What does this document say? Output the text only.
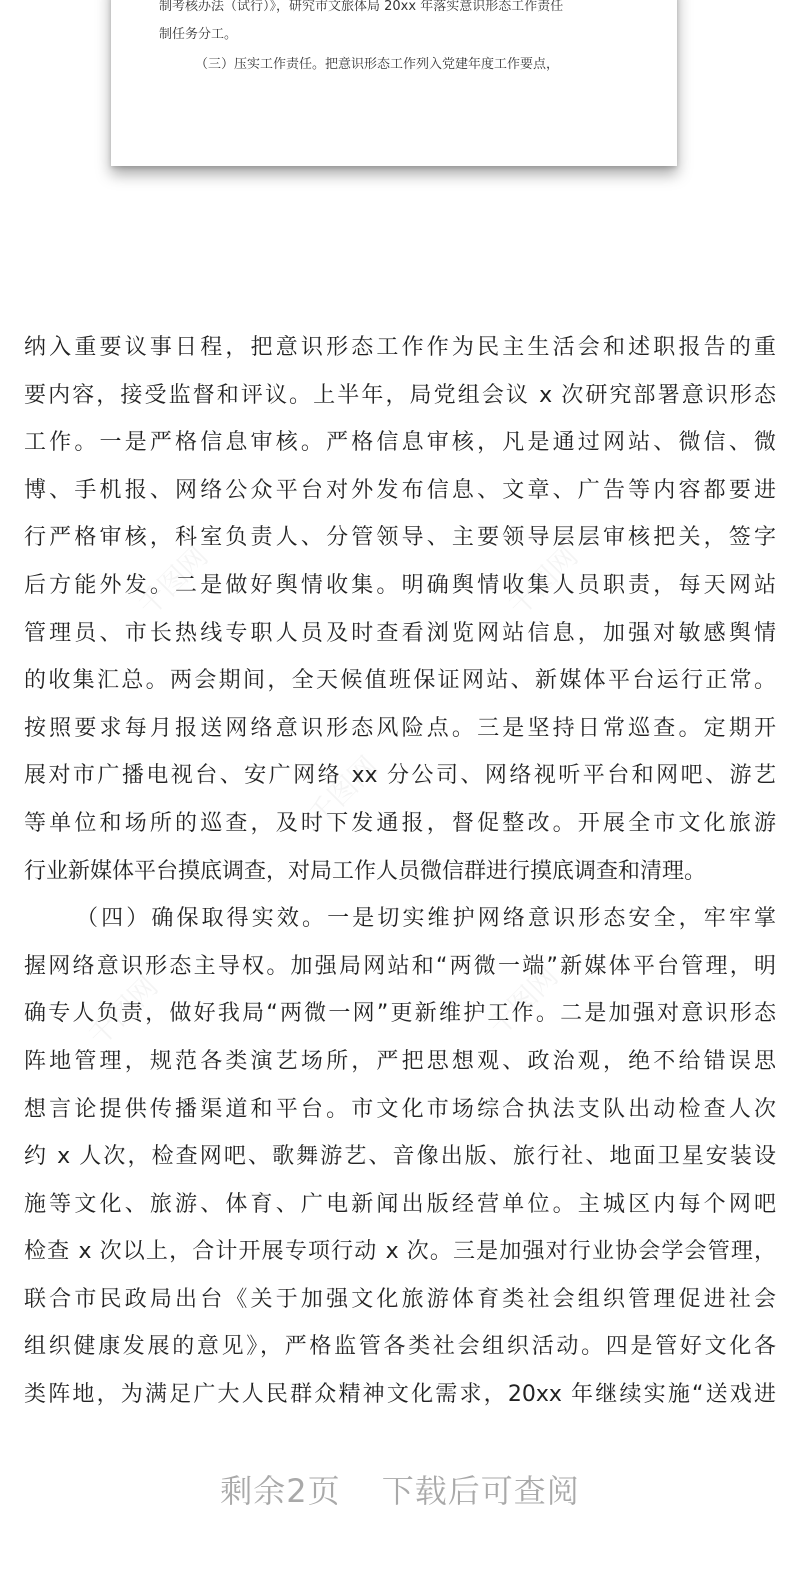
制考核办法（试行）》，研究市文旅体局 20xx 年落实意识形态工作责任
制任务分工。
（三）压实工作责任。把意识形态工作列入党建年度工作要点，
纳入重要议事日程，把意识形态工作作为民主生活会和述职报告的重
要内容，接受监督和评议。上半年，局党组会议 x 次研究部署意识形态
工作。一是严格信息审核。严格信息审核，凡是通过网站、微信、微
博、手机报、网络公众平台对外发布信息、文章、广告等内容都要进
行严格审核，科室负责人、分管领导、主要领导层层审核把关，签字
后方能外发。二是做好舆情收集。明确舆情收集人员职责，每天网站
管理员、市长热线专职人员及时查看浏览网站信息，加强对敏感舆情
的收集汇总。两会期间，全天候值班保证网站、新媒体平台运行正常。
按照要求每月报送网络意识形态风险点。三是坚持日常巡查。定期开
展对市广播电视台、安广网络 xx 分公司、网络视听平台和网吧、游艺
等单位和场所的巡查，及时下发通报，督促整改。开展全市文化旅游
行业新媒体平台摸底调查，对局工作人员微信群进行摸底调查和清理。
（四）确保取得实效。一是切实维护网络意识形态安全，牢牢掌
握网络意识形态主导权。加强局网站和“两微一端”新媒体平台管理，明
确专人负责，做好我局“两微一网”更新维护工作。二是加强对意识形态
阵地管理，规范各类演艺场所，严把思想观、政治观，绝不给错误思
想言论提供传播渠道和平台。市文化市场综合执法支队出动检查人次
约 x 人次，检查网吧、歌舞游艺、音像出版、旅行社、地面卫星安装设
施等文化、旅游、体育、广电新闻出版经营单位。主城区内每个网吧
检查 x 次以上，合计开展专项行动 x 次。三是加强对行业协会学会管理，
联合市民政局出台《关于加强文化旅游体育类社会组织管理促进社会
组织健康发展的意见》，严格监管各类社会组织活动。四是管好文化各
类阵地，为满足广大人民群众精神文化需求，20xx 年继续实施“送戏进
剩余2页 下载后可查阅
